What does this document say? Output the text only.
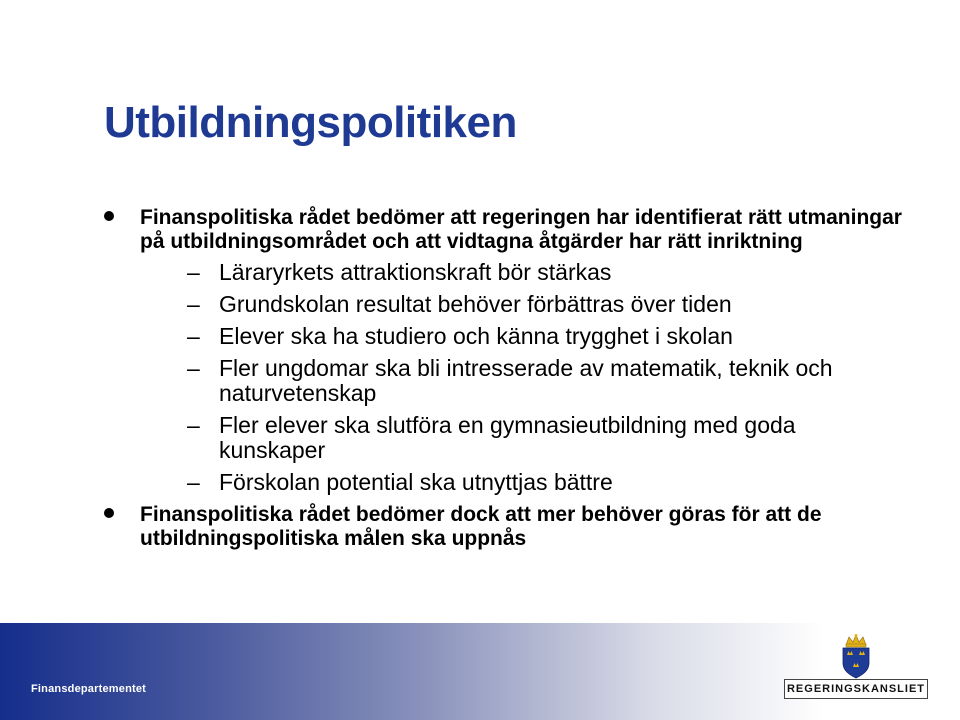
Utbildningspolitiken
Finanspolitiska rådet bedömer att regeringen har identifierat rätt utmaningar på utbildningsområdet och att vidtagna åtgärder har rätt inriktning
– Läraryrkets attraktionskraft bör stärkas
– Grundskolan resultat behöver förbättras över tiden
– Elever ska ha studiero och känna trygghet i skolan
– Fler ungdomar ska bli intresserade av matematik, teknik och naturvetenskap
– Fler elever ska slutföra en gymnasieutbildning med goda kunskaper
– Förskolan potential ska utnyttjas bättre
Finanspolitiska rådet bedömer dock att mer behöver göras för att de utbildningspolitiska målen ska uppnås
Finansdepartementet	REGERINGSKANSLIET
